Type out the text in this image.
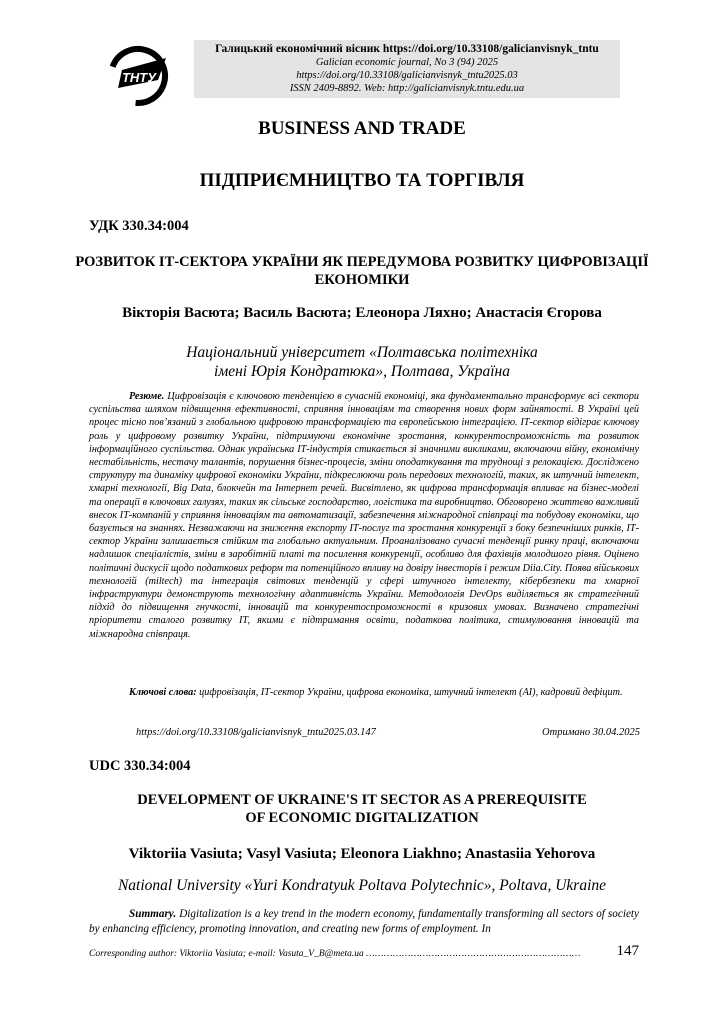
ТНТУ
Галицький економічний вісник https://doi.org/10.33108/galicianvisnyk_tntu
Galician economic journal, No 3 (94) 2025
https://doi.org/10.33108/galicianvisnyk_tntu2025.03
ISSN 2409-8892. Web: http://galicianvisnyk.tntu.edu.ua
BUSINESS AND TRADE
ПІДПРИЄМНИЦТВО ТА ТОРГІВЛЯ
УДК 330.34:004
РОЗВИТОК ІТ-СЕКТОРА УКРАЇНИ ЯК ПЕРЕДУМОВА РОЗВИТКУ ЦИФРОВІЗАЦІЇ ЕКОНОМІКИ
Вікторія Васюта; Василь Васюта; Елеонора Ляхно; Анастасія Єгорова
Національний університет «Полтавська політехніка
імені Юрія Кондратюка», Полтава, Україна
Резюме. Цифровізація є ключовою тенденцією в сучасній економіці, яка фундаментально трансформує всі сектори суспільства шляхом підвищення ефективності, сприяння інноваціям та створення нових форм зайнятості. В Україні цей процес тісно пов’язаний з глобальною цифровою трансформацією та європейською інтеграцією. ІТ-сектор відіграє ключову роль у цифровому розвитку України, підтримуючи економічне зростання, конкурентоспроможність та розвиток інформаційного суспільства. Однак українська ІТ-індустрія стикається зі значними викликами, включаючи війну, економічну нестабільність, нестачу талантів, порушення бізнес-процесів, зміни оподаткування та труднощі з релокацією. Досліджено структуру та динаміку цифрової економіки України, підкреслюючи роль передових технологій, таких, як штучний інтелект, хмарні технології, Big Data, блокчейн та Інтернет речей. Висвітлено, як цифрова трансформація впливає на бізнес-моделі та операції в ключових галузях, таких як сільське господарство, логістика та виробництво. Обговорено життєво важливий внесок ІТ-компаній у сприяння інноваціям та автоматизації, забезпечення міжнародної співпраці та побудову економіки, що базується на знаннях. Незважаючи на зниження експорту ІТ-послуг та зростання конкуренції з боку безпечніших ринків, ІТ-сектор України залишається стійким та глобально актуальним. Проаналізовано сучасні тенденції ринку праці, включаючи надлишок спеціалістів, зміни в заробітній платі та посилення конкуренції, особливо для фахівців молодшого рівня. Оцінено політичні дискусії щодо податкових реформ та потенційного впливу на довіру інвесторів і режим Diia.City. Поява військових технологій (miltech) та інтеграція світових тенденцій у сфері штучного інтелекту, кібербезпеки та хмарної інфраструктури демонструють технологічну адаптивність України. Методологія DevOps виділяється як стратегічний підхід до підвищення гнучкості, інновацій та конкурентоспроможності в кризових умовах. Визначено стратегічні пріоритети сталого розвитку ІТ, якими є підтримання освіти, податкова політика, стимулювання інновацій та міжнародна співпраця.
Ключові слова: цифровізація, ІТ-сектор України, цифрова економіка, штучний інтелект (AI), кадровий дефіцит.
https://doi.org/10.33108/galicianvisnyk_tntu2025.03.147	Отримано 30.04.2025
UDC 330.34:004
DEVELOPMENT OF UKRAINE'S IT SECTOR AS A PREREQUISITE
OF ECONOMIC DIGITALIZATION
Viktoriia Vasiuta; Vasyl Vasiuta; Eleonora Liakhno; Anastasiia Yehorova
National University «Yuri Kondratyuk Poltava Polytechnic», Poltava, Ukraine
Summary. Digitalization is a key trend in the modern economy, fundamentally transforming all sectors of society by enhancing efficiency, promoting innovation, and creating new forms of employment. In
Corresponding author: Viktoriia Vasiuta; e-mail: Vasuta_V_B@meta.ua ……………………………………………………………… 147
